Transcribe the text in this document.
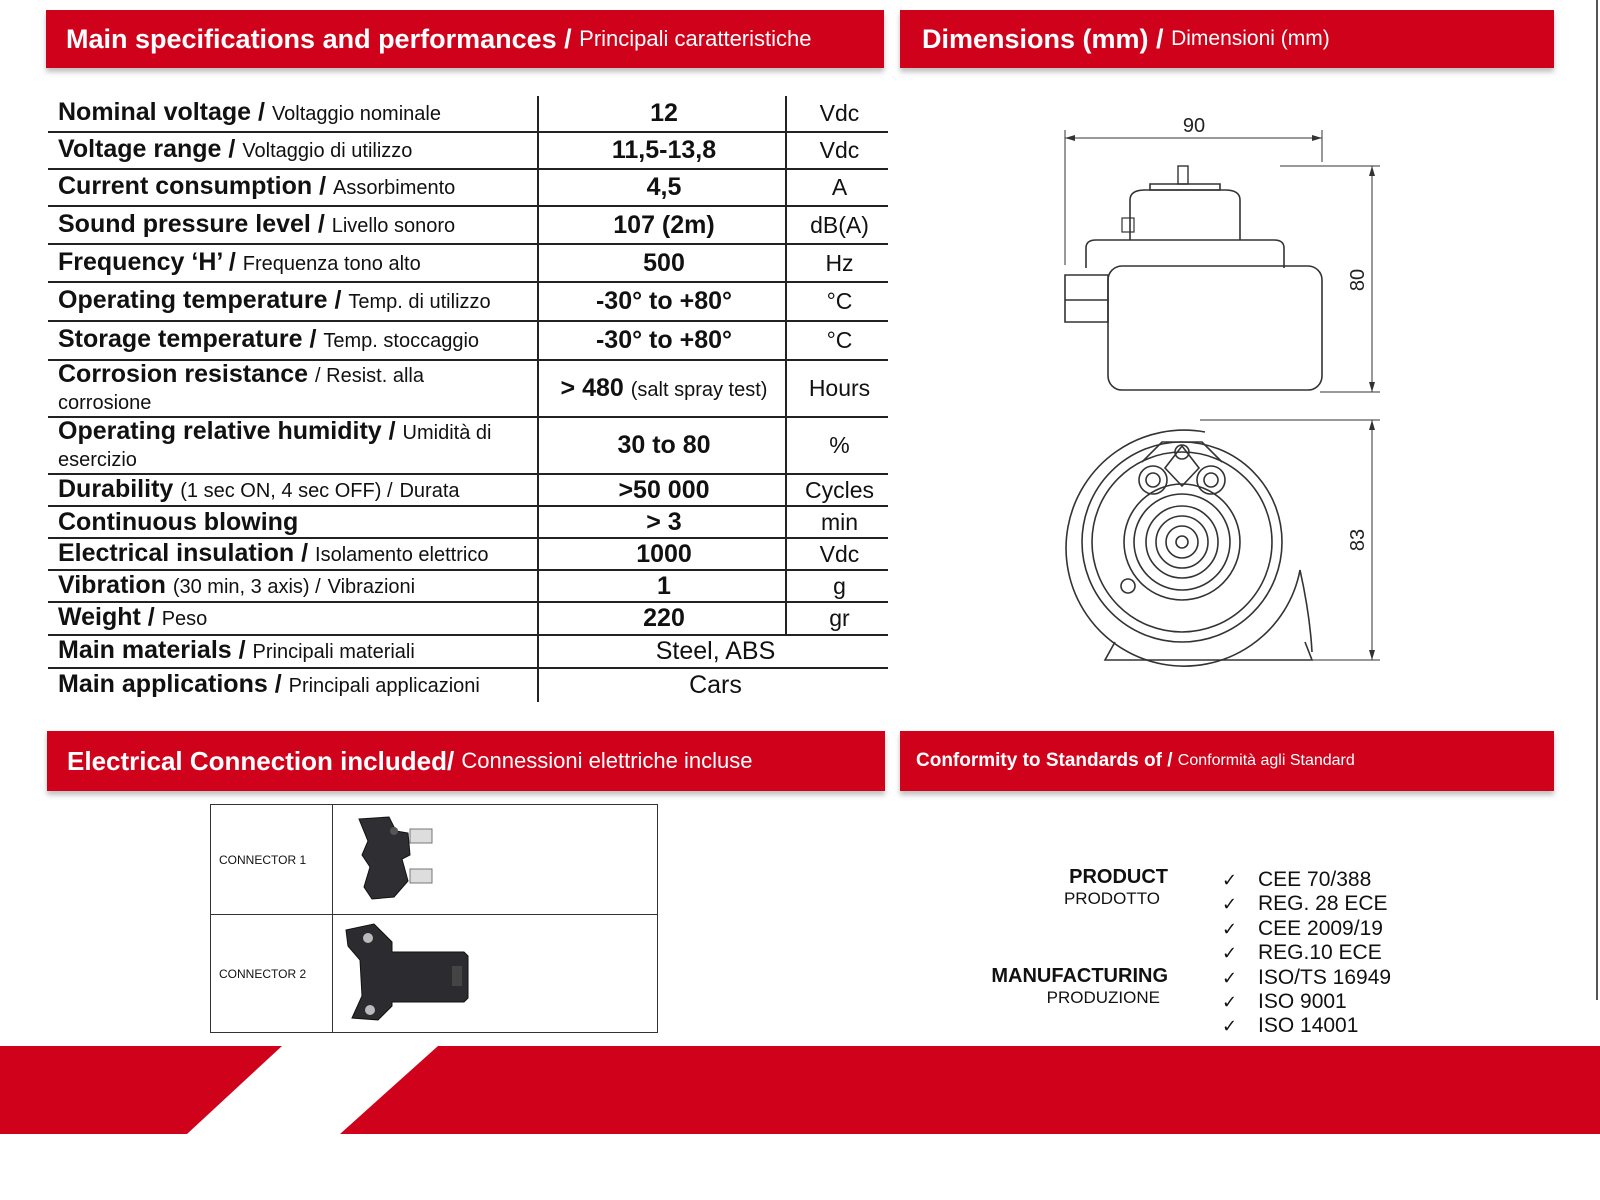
Main specifications and performances /
Principali caratteristiche	Dimensions (mm) /
Dimensioni (mm)
Electrical Connection included/
Connessioni elettriche incluse	Conformity to Standards of /
Conformità agli Standard
Nominal voltage / Voltaggio nominale	12	Vdc
Voltage range / Voltaggio di utilizzo	11,5-13,8	Vdc
Current consumption / Assorbimento	4,5	A
Sound pressure level / Livello sonoro	107 (2m)	dB(A)
Frequency ‘H’ / Frequenza tono alto	500	Hz
Operating temperature / Temp. di utilizzo	-30° to +80°	°C
Storage temperature / Temp. stoccaggio	-30° to +80°	°C
Corrosion resistance / Resist. alla
corrosione	> 480 (salt spray test)	Hours
Operating relative humidity / Umidità di
esercizio	30 to 80	%
Durability (1 sec ON, 4 sec OFF) / Durata	>50 000	Cycles
Continuous blowing	> 3	min
Electrical insulation / Isolamento elettrico	1000	Vdc
Vibration (30 min, 3 axis) / Vibrazioni	1	g
Weight / Peso	220	gr
Main materials / Principali materiali	Steel, ABS	
Main applications / Principali applicazioni	Cars	
90
80
83
CONNECTOR 1	
CONNECTOR 2	
PRODUCT
PRODOTTO
MANUFACTURING
PRODUZIONE
✓ CEE 70/388
✓ REG. 28 ECE
✓ CEE 2009/19
✓ REG.10 ECE
✓ ISO/TS 16949
✓ ISO 9001
✓ ISO 14001
